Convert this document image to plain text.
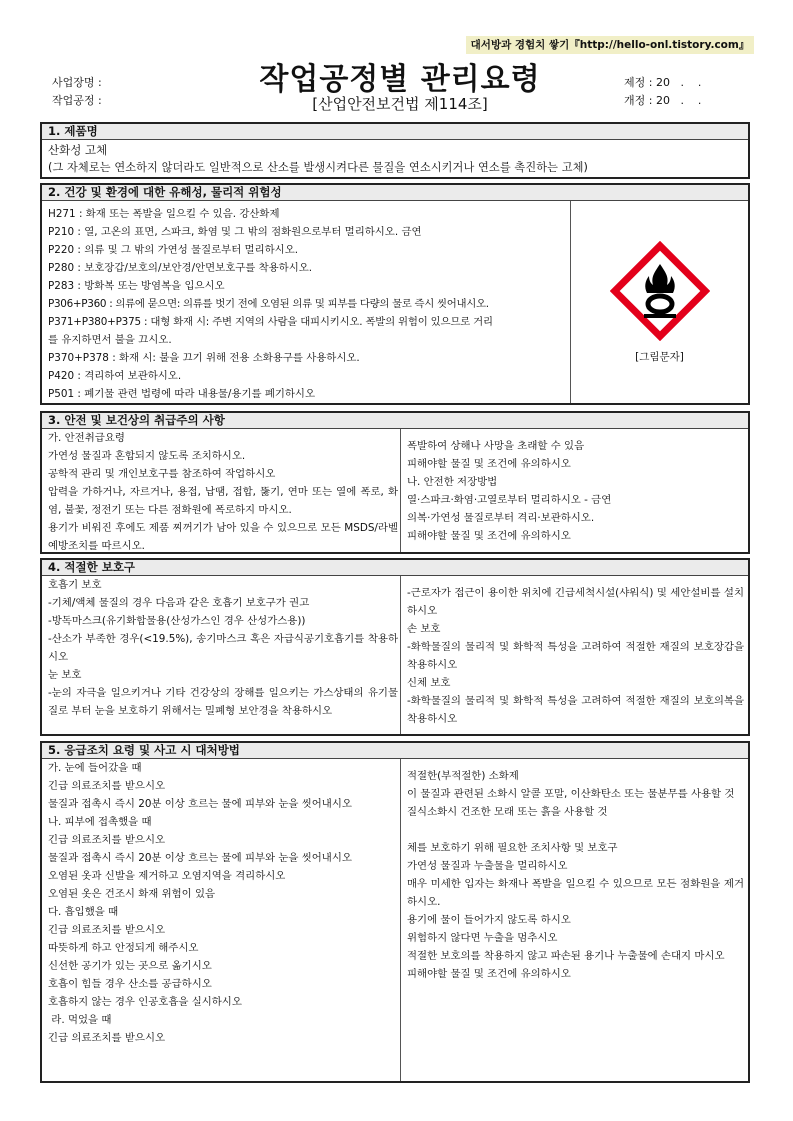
대서방과 경험치 쌓기『http://hello-onl.tistory.com』
사업장명 :
작업공정 :
작업공정별 관리요령
[산업안전보건법 제114조]
제정 : 20   .    .
개정 : 20   .    .
1. 제품명
산화성 고체
(그 자체로는 연소하지 않더라도 일반적으로 산소를 발생시켜다른 물질을 연소시키거나 연소를 촉진하는 고체)
2. 건강 및 환경에 대한 유해성, 물리적 위험성
H271 : 화재 또는 폭발을 일으킬 수 있음. 강산화제
P210 : 열, 고온의 표면, 스파크, 화염 및 그 밖의 점화원으로부터 멀리하시오. 금연
P220 : 의류 및 그 밖의 가연성 물질로부터 멀리하시오.
P280 : 보호장갑/보호의/보안경/안면보호구를 착용하시오.
P283 : 방화복 또는 방염복을 입으시오
P306+P360 : 의류에 묻으면: 의류를 벗기 전에 오염된 의류 및 피부를 다량의 물로 즉시 씻어내시오.
P371+P380+P375 : 대형 화재 시: 주변 지역의 사람을 대피시키시오. 폭발의 위험이 있으므로 거리
를 유지하면서 불을 끄시오.
P370+P378 : 화재 시: 불을 끄기 위해 전용 소화용구를 사용하시오.
P420 : 격리하여 보관하시오.
P501 : 폐기물 관련 법령에 따라 내용물/용기를 폐기하시오
[그림문자]
3. 안전 및 보건상의 취급주의 사항
가. 안전취급요령
가연성 물질과 혼합되지 않도록 조치하시오.
공학적 관리 및 개인보호구를 참조하여 작업하시오
압력을 가하거나, 자르거나, 용접, 납땜, 접합, 뚫기, 연마 또는 열에 폭로, 화염, 불꽃, 정전기 또는 다른 점화원에 폭로하지 마시오.
용기가 비워진 후에도 제품 찌꺼기가 남아 있을 수 있으므로 모든 MSDS/라벨 예방조치를 따르시오.
폭발하여 상해나 사망을 초래할 수 있음
피해야할 물질 및 조건에 유의하시오
나. 안전한 저장방법
열·스파크·화염·고열로부터 멀리하시오 - 금연
의복·가연성 물질로부터 격리·보관하시오.
피해야할 물질 및 조건에 유의하시오
4. 적절한 보호구
호흡기 보호
-기체/액체 물질의 경우 다음과 같은 호흡기 보호구가 권고
-방독마스크(유기화합물용(산성가스인 경우 산성가스용))
-산소가 부족한 경우(<19.5%), 송기마스크 혹은 자급식공기호흡기를 착용하시오
눈 보호
-눈의 자극을 일으키거나 기타 건강상의 장해를 일으키는 가스상태의 유기물질로 부터 눈을 보호하기 위해서는 밀폐형 보안경을 착용하시오
-근로자가 접근이 용이한 위치에 긴급세척시설(샤워식) 및 세안설비를 설치하시오
손 보호
-화학물질의 물리적 및 화학적 특성을 고려하여 적절한 재질의 보호장갑을 착용하시오
신체 보호
-화학물질의 물리적 및 화학적 특성을 고려하여 적절한 재질의 보호의복을 착용하시오
5. 응급조치 요령 및 사고 시 대처방법
가. 눈에 들어갔을 때
긴급 의료조치를 받으시오
물질과 접촉시 즉시 20분 이상 흐르는 물에 피부와 눈을 씻어내시오
나. 피부에 접촉했을 때
긴급 의료조치를 받으시오
물질과 접촉시 즉시 20분 이상 흐르는 물에 피부와 눈을 씻어내시오
오염된 옷과 신발을 제거하고 오염지역을 격리하시오
오염된 옷은 건조시 화재 위험이 있음
다. 흡입했을 때
긴급 의료조치를 받으시오
따뜻하게 하고 안정되게 해주시오
신선한 공기가 있는 곳으로 옮기시오
호흡이 힘들 경우 산소를 공급하시오
호흡하지 않는 경우 인공호흡을 실시하시오
라. 먹었을 때
긴급 의료조치를 받으시오
적절한(부적절한) 소화제
이 물질과 관련된 소화시 알콜 포말, 이산화탄소 또는 물분무를 사용할 것
질식소화시 건조한 모래 또는 흙을 사용할 것
체를 보호하기 위해 필요한 조치사항 및 보호구
가연성 물질과 누출물을 멀리하시오
매우 미세한 입자는 화재나 폭발을 일으킬 수 있으므로 모든 점화원을 제거하시오.
용기에 물이 들어가지 않도록 하시오
위험하지 않다면 누출을 멈추시오
적절한 보호의를 착용하지 않고 파손된 용기나 누출물에 손대지 마시오
피해야할 물질 및 조건에 유의하시오
